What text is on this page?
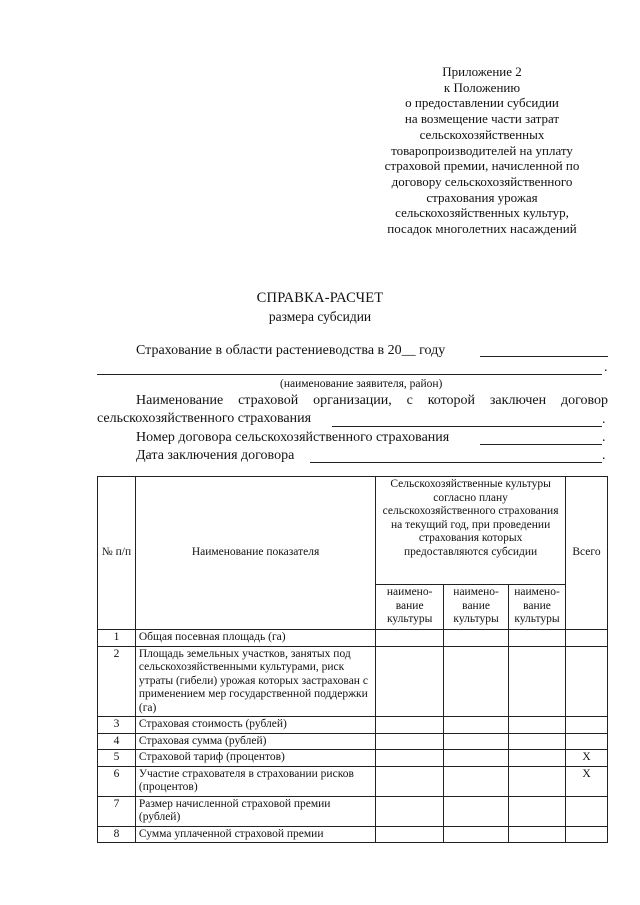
Приложение 2
к Положению
о предоставлении субсидии
на возмещение части затрат
сельскохозяйственных
товаропроизводителей на уплату
страховой премии, начисленной по
договору сельскохозяйственного
страхования урожая
сельскохозяйственных культур,
посадок многолетних насаждений
СПРАВКА-РАСЧЕТ
размера субсидии
Страхование в области растениеводства в 20__ году
.
(наименование заявителя, район)
Наименование страховой организации, с которой заключен договор
сельскохозяйственного страхования	.
Номер договора сельскохозяйственного страхования	.
Дата заключения договора	.
№ п/п	Наименование показателя	Сельскохозяйственные культуры согласно плану сельскохозяйственного страхования на текущий год, при проведении страхования которых предоставляются субсидии			Всего
		наимено-вание культуры	наимено-вание культуры	наимено-вание культуры	
1	Общая посевная площадь (га)				
2	Площадь земельных участков, занятых под сельскохозяйственными культурами, риск утраты (гибели) урожая которых застрахован с применением мер государственной поддержки (га)				
3	Страховая стоимость (рублей)				
4	Страховая сумма (рублей)				
5	Страховой тариф (процентов)				X
6	Участие страхователя в страховании рисков (процентов)				X
7	Размер начисленной страховой премии (рублей)				
8	Сумма уплаченной страховой премии				
